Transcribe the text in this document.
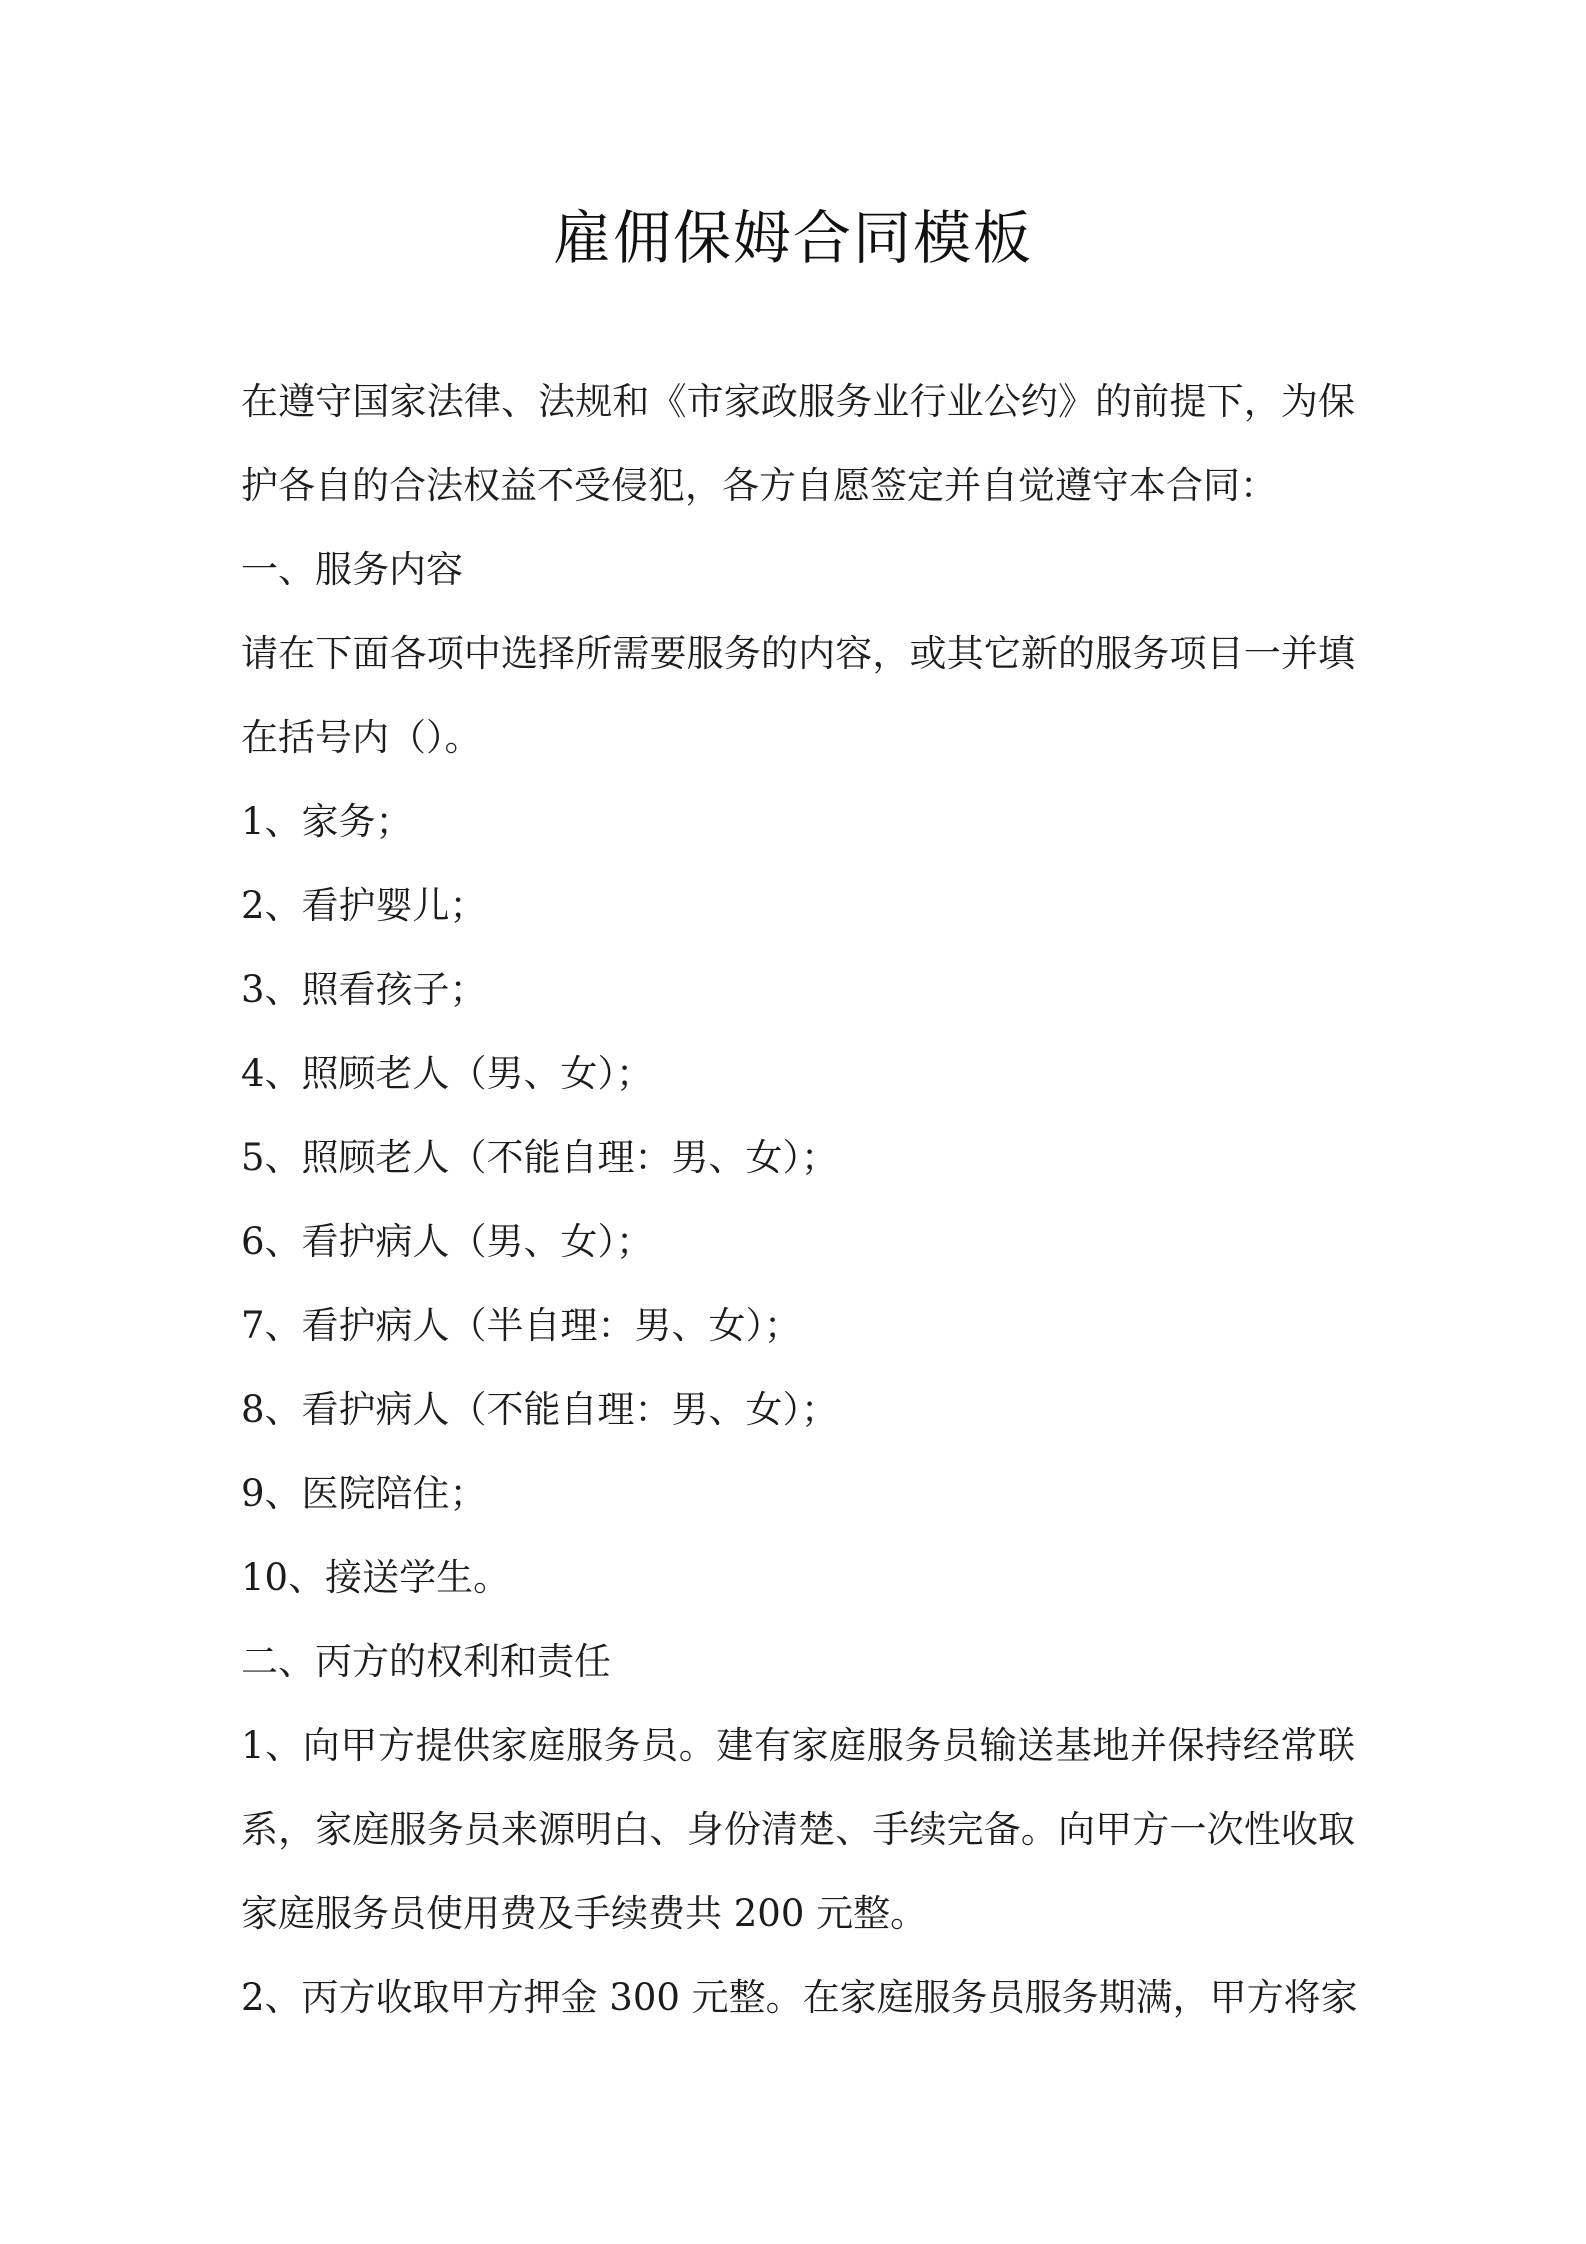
雇佣保姆合同模板
在遵守国家法律、法规和《市家政服务业行业公约》的前提下，为保
护各自的合法权益不受侵犯，各方自愿签定并自觉遵守本合同：
一、服务内容
请在下面各项中选择所需要服务的内容，或其它新的服务项目一并填
在括号内（）。
1、家务；
2、看护婴儿；
3、照看孩子；
4、照顾老人（男、女）；
5、照顾老人（不能自理：男、女）；
6、看护病人（男、女）；
7、看护病人（半自理：男、女）；
8、看护病人（不能自理：男、女）；
9、医院陪住；
10、接送学生。
二、丙方的权利和责任
1、向甲方提供家庭服务员。建有家庭服务员输送基地并保持经常联
系，家庭服务员来源明白、身份清楚、手续完备。向甲方一次性收取
家庭服务员使用费及手续费共 200 元整。
2、丙方收取甲方押金 300 元整。在家庭服务员服务期满，甲方将家
